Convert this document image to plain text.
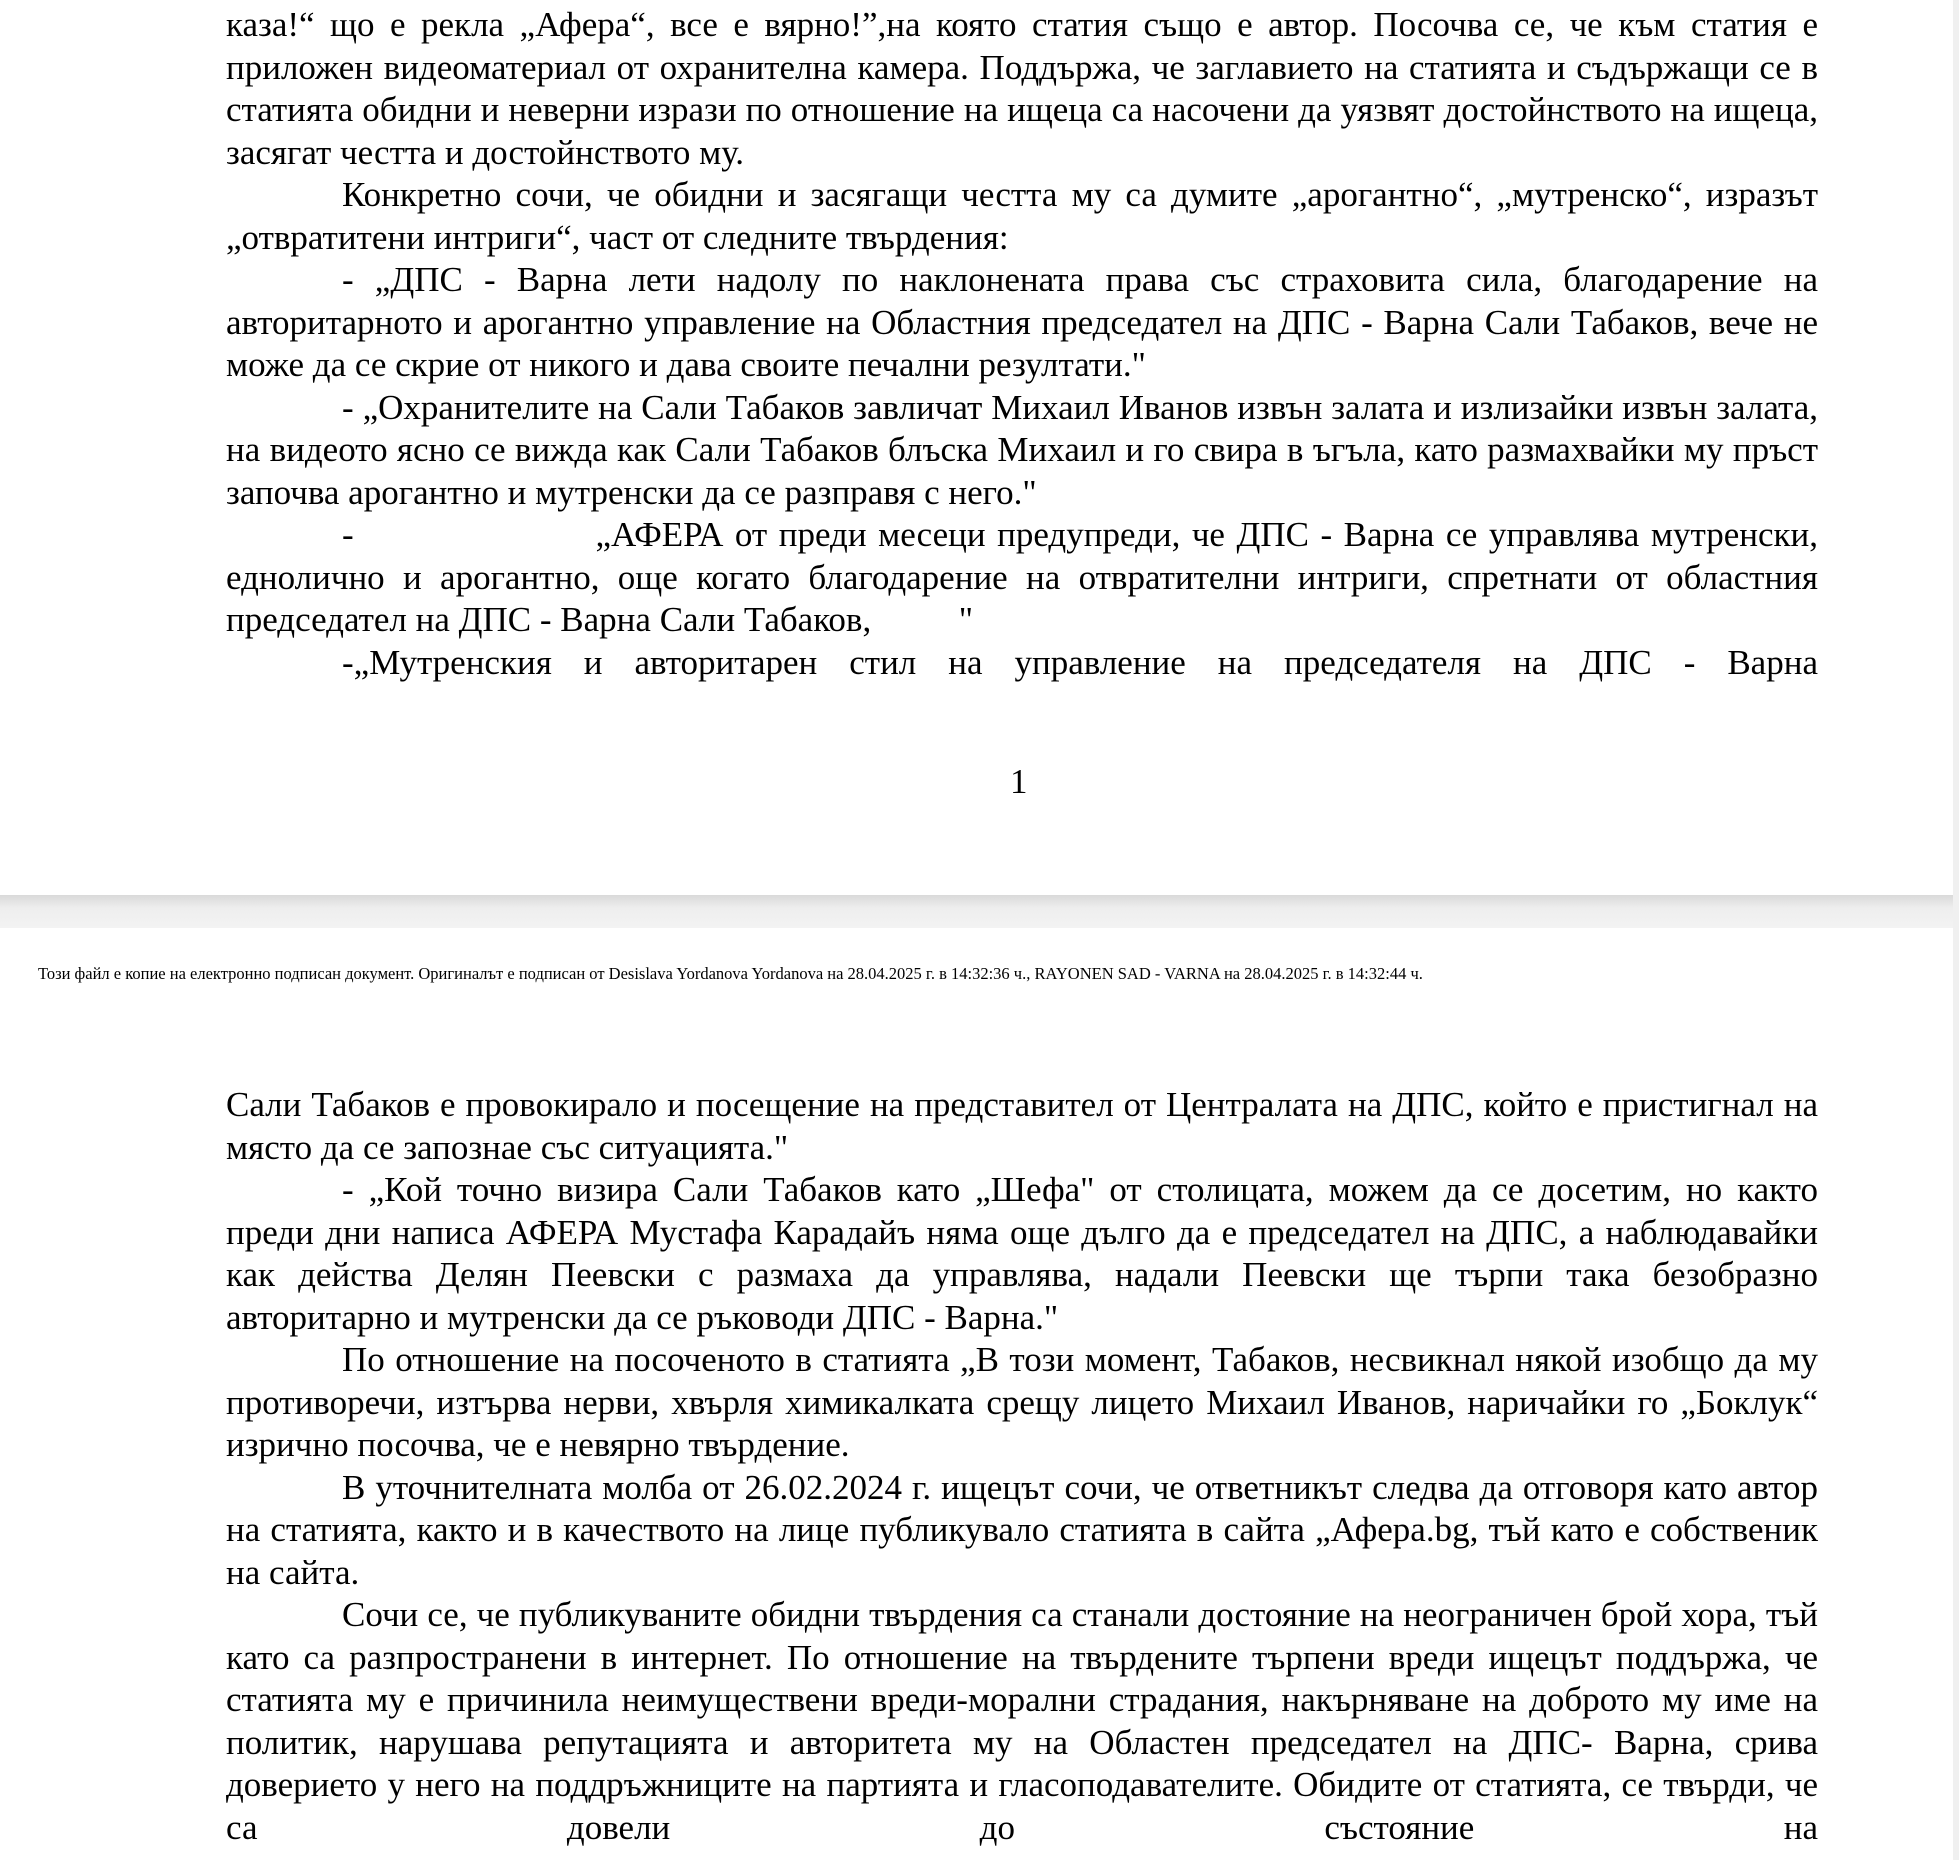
каза!“ що е рекла „Афера“, все е вярно!”,на която статия също е автор. Посочва се, че към статия е приложен видеоматериал от охранителна камера. Поддържа, че заглавието на статията и съдържащи се в статията обидни и неверни изрази по отношение на ищеца са насочени да уязвят достойнството на ищеца, засягат честта и достойнството му.

Конкретно сочи, че обидни и засягащи честта му са думите „арогантно“, „мутренско“, изразът „отвратитени интриги“, част от следните твърдения:

- „ДПС - Варна лети надолу по наклонената права със страховита сила, благодарение на авторитарното и арогантно управление на Областния председател на ДПС - Варна Сали Табаков, вече не може да се скрие от никого и дава своите печални резултати."

- „Охранителите на Сали Табаков завличат Михаил Иванов извън залата и излизайки извън залата, на видеото ясно се вижда как Сали Табаков блъска Михаил и го свира в ъгъла, като размахвайки му пръст започва арогантно и мутренски да се разправя с него."

-                     „АФЕРА от преди месеци предупреди, че ДПС - Варна се управлява мутренски, еднолично и арогантно, още когато благодарение на отвратителни интриги, спретнати от областния председател на ДПС - Варна Сали Табаков,          "

-„Мутренския и авторитарен стил на управление на председателя на ДПС - Варна

1
Този файл е копие на електронно подписан документ. Оригиналът е подписан от Desislava Yordanova Yordanova на 28.04.2025 г. в 14:32:36 ч., RAYONEN SAD - VARNA на 28.04.2025 г. в 14:32:44 ч.

Сали Табаков е провокирало и посещение на представител от Централата на ДПС, който е пристигнал на място да се запознае със ситуацията."

- „Кой точно визира Сали Табаков като „Шефа" от столицата, можем да се досетим, но както преди дни написа АФЕРА Мустафа Карадайъ няма още дълго да е председател на ДПС, а наблюдавайки как действа Делян Пеевски с размаха да управлява, надали Пеевски ще търпи така безобразно авторитарно и мутренски да се ръководи ДПС - Варна."

По отношение на посоченото в статията „В този момент, Табаков, несвикнал някой изобщо да му противоречи, изтърва нерви, хвърля химикалката срещу лицето Михаил Иванов, наричайки го „Боклук“ изрично посочва, че е невярно твърдение.

В уточнителната молба от 26.02.2024 г. ищецът сочи, че ответникът следва да отговоря като автор на статията, както и в качеството на лице публикувало статията в сайта „Афера.bg, тъй като е собственик на сайта.

Сочи се, че публикуваните обидни твърдения са станали достояние на неограничен брой хора, тъй като са разпространени в интернет. По отношение на твърдените търпени вреди ищецът поддържа, че статията му е причинила неимуществени вреди-морални страдания, накърняване на доброто му име на политик, нарушава репутацията и авторитета му на Областен председател на ДПС- Варна, срива доверието у него на поддръжниците на партията и гласоподавателите. Обидите от статията, се твърди, че са довели до състояние на
